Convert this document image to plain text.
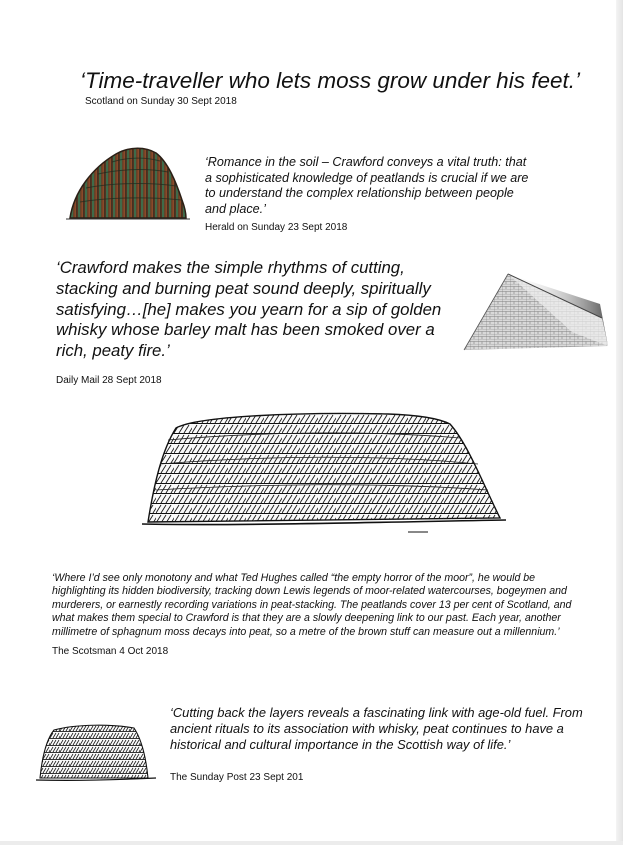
‘Time-traveller who lets moss grow under his feet.’

Scotland on Sunday 30 Sept 2018

‘Romance in the soil – Crawford conveys a vital truth: that a sophisticated knowledge of peatlands is crucial if we are to understand the complex relationship between people and place.’

Herald on Sunday 23 Sept 2018

‘Crawford makes the simple rhythms of cutting, stacking and burning peat sound deeply, spiritually satisfying…[he] makes you yearn for a sip of golden whisky whose barley malt has been smoked over a rich, peaty fire.’

Daily Mail 28 Sept 2018

‘Where I’d see only monotony and what Ted Hughes called “the empty horror of the moor”, he would be highlighting its hidden biodiversity, tracking down Lewis legends of moor-related watercourses, bogeymen and murderers, or earnestly recording variations in peat-stacking. The peatlands cover 13 per cent of Scotland, and what makes them special to Crawford is that they are a slowly deepening link to our past. Each year, another millimetre of sphagnum moss decays into peat, so a metre of the brown stuff can measure out a millennium.’

The Scotsman 4 Oct 2018

‘Cutting back the layers reveals a fascinating link with age-old fuel. From ancient rituals to its association with whisky, peat continues to have a historical and cultural importance in the Scottish way of life.’

The Sunday Post 23 Sept 201
